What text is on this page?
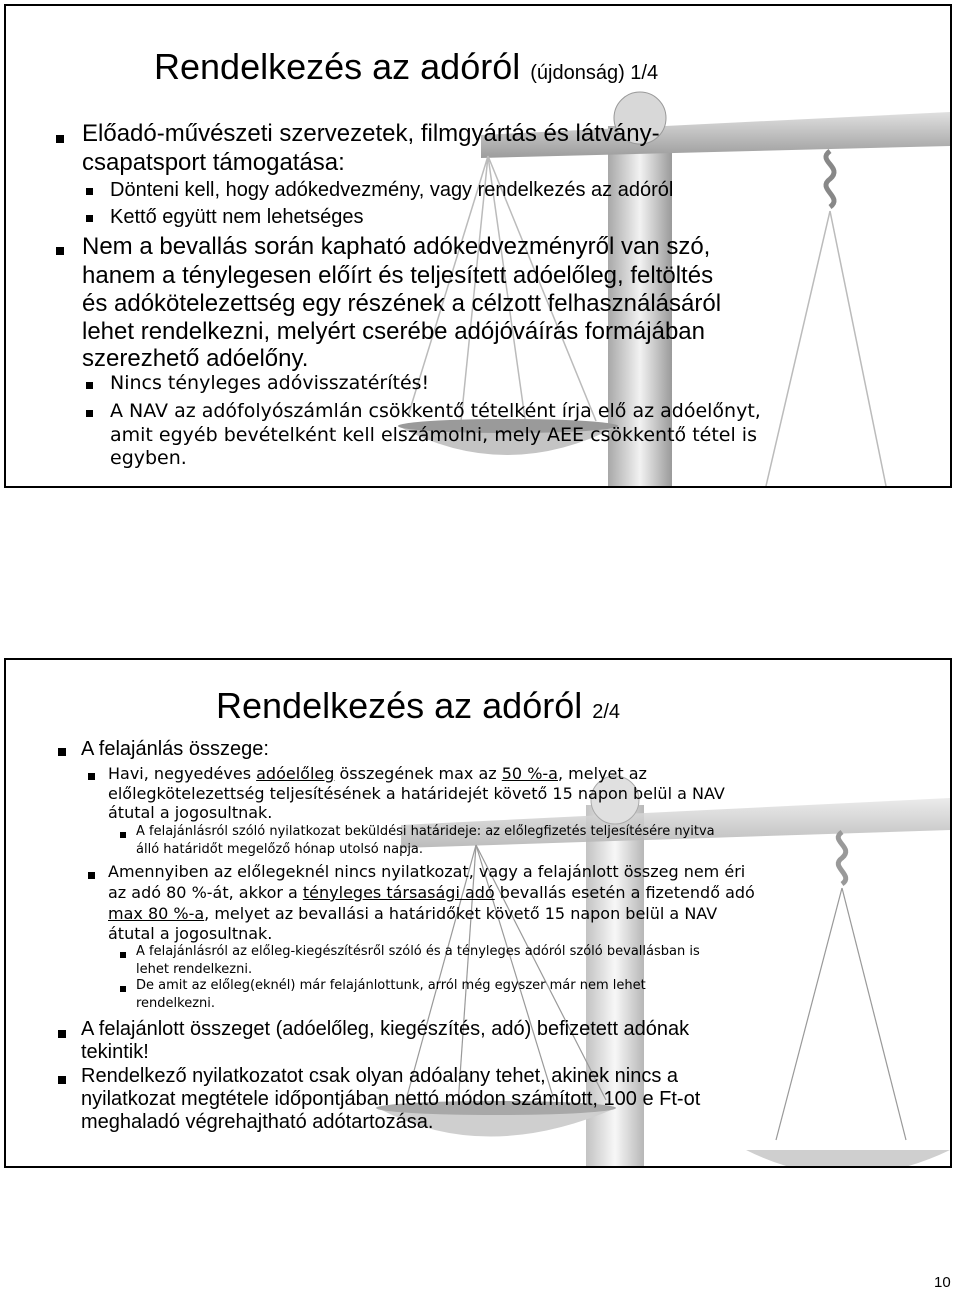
Rendelkezés az adóról (újdonság) 1/4
Előadó-művészeti szervezetek, filmgyártás és látvány-
csapatsport támogatása:
Dönteni kell, hogy adókedvezmény, vagy rendelkezés az adóról
Kettő együtt nem lehetséges
Nem a bevallás során kapható adókedvezményről van szó,
hanem a ténylegesen előírt és teljesített adóelőleg, feltöltés
és adókötelezettség egy részének a célzott felhasználásáról
lehet rendelkezni, melyért cserébe adójóváírás formájában
szerezhető adóelőny.
Nincs tényleges adóvisszatérítés!
A NAV az adófolyószámlán csökkentő tételként írja elő az adóelőnyt,
amit egyéb bevételként kell elszámolni, mely AEE csökkentő tétel is
egyben.
Rendelkezés az adóról 2/4
A felajánlás összege:
Havi, negyedéves adóelőleg összegének max az 50 %-a, melyet az
előlegkötelezettség teljesítésének a határidejét követő 15 napon belül a NAV
átutal a jogosultnak.
A felajánlásról szóló nyilatkozat beküldési határideje: az előlegfizetés teljesítésére nyitva
álló határidőt megelőző hónap utolsó napja.
Amennyiben az előlegeknél nincs nyilatkozat, vagy a felajánlott összeg nem éri
az adó 80 %-át, akkor a tényleges társasági adó bevallás esetén a fizetendő adó
max 80 %-a, melyet az bevallási a határidőket követő 15 napon belül a NAV
átutal a jogosultnak.
A felajánlásról az előleg-kiegészítésről szóló és a tényleges adóról szóló bevallásban is
lehet rendelkezni.
De amit az előleg(eknél) már felajánlottunk, arról még egyszer már nem lehet
rendelkezni.
A felajánlott összeget (adóelőleg, kiegészítés, adó) befizetett adónak
tekintik!
Rendelkező nyilatkozatot csak olyan adóalany tehet, akinek nincs a
nyilatkozat megtétele időpontjában nettó módon számított, 100 e Ft-ot
meghaladó végrehajtható adótartozása.
10
